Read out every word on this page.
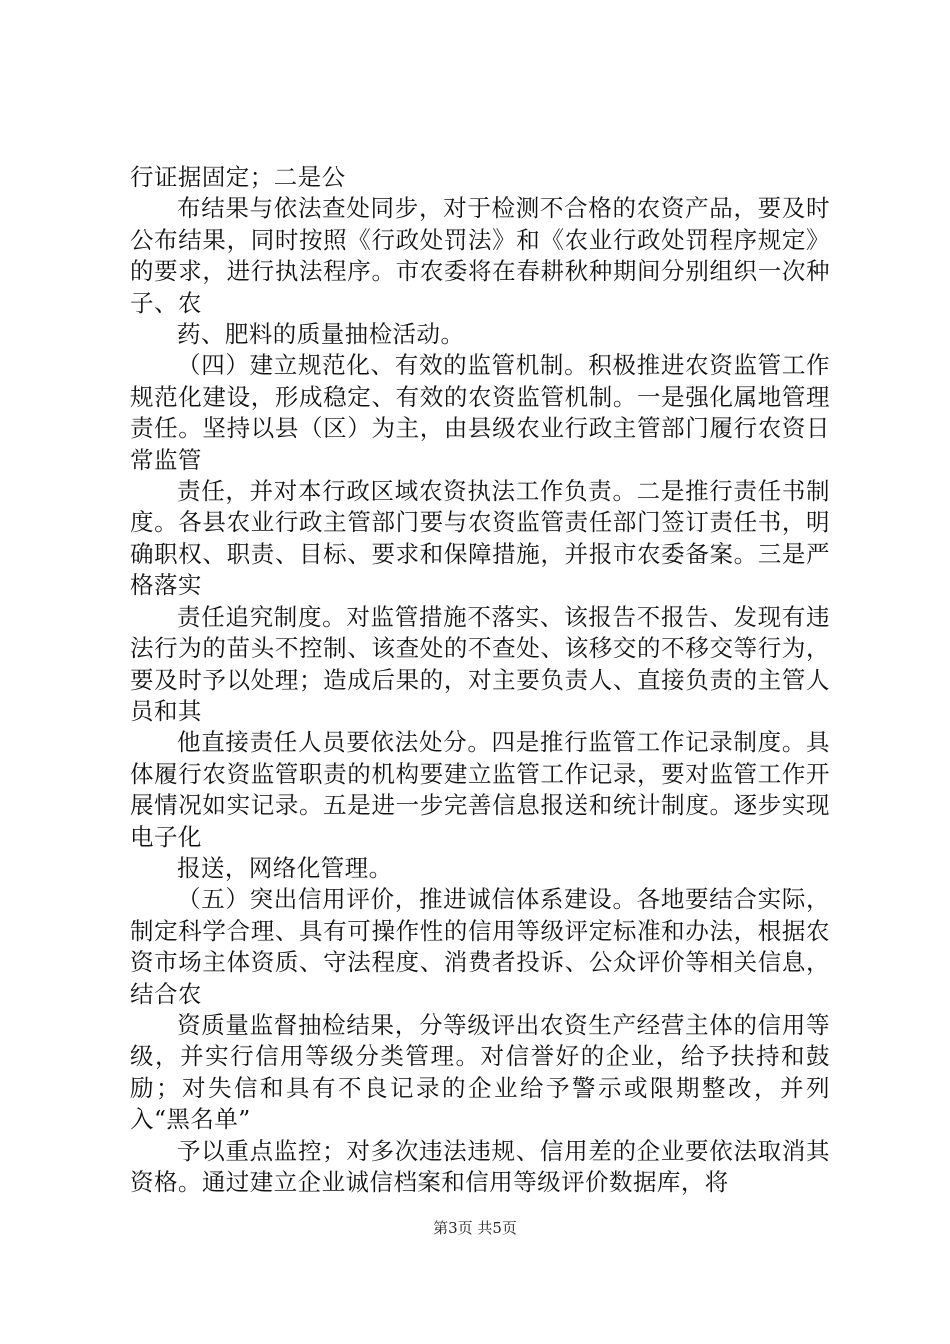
行证据固定；二是公

布结果与依法查处同步，对于检测不合格的农资产品，要及时公布结果，同时按照《行政处罚法》和《农业行政处罚程序规定》的要求，进行执法程序。市农委将在春耕秋种期间分别组织一次种子、农

药、肥料的质量抽检活动。

（四）建立规范化、有效的监管机制。积极推进农资监管工作规范化建设，形成稳定、有效的农资监管机制。一是强化属地管理责任。坚持以县（区）为主，由县级农业行政主管部门履行农资日常监管

责任，并对本行政区域农资执法工作负责。二是推行责任书制度。各县农业行政主管部门要与农资监管责任部门签订责任书，明确职权、职责、目标、要求和保障措施，并报市农委备案。三是严格落实

责任追究制度。对监管措施不落实、该报告不报告、发现有违法行为的苗头不控制、该查处的不查处、该移交的不移交等行为，要及时予以处理；造成后果的，对主要负责人、直接负责的主管人员和其

他直接责任人员要依法处分。四是推行监管工作记录制度。具体履行农资监管职责的机构要建立监管工作记录，要对监管工作开展情况如实记录。五是进一步完善信息报送和统计制度。逐步实现电子化

报送，网络化管理。

（五）突出信用评价，推进诚信体系建设。各地要结合实际，制定科学合理、具有可操作性的信用等级评定标准和办法，根据农资市场主体资质、守法程度、消费者投诉、公众评价等相关信息，结合农

资质量监督抽检结果，分等级评出农资生产经营主体的信用等级，并实行信用等级分类管理。对信誉好的企业，给予扶持和鼓励；对失信和具有不良记录的企业给予警示或限期整改，并列入“黑名单”

予以重点监控；对多次违法违规、信用差的企业要依法取消其资格。通过建立企业诚信档案和信用等级评价数据库，将

第3页 共5页
